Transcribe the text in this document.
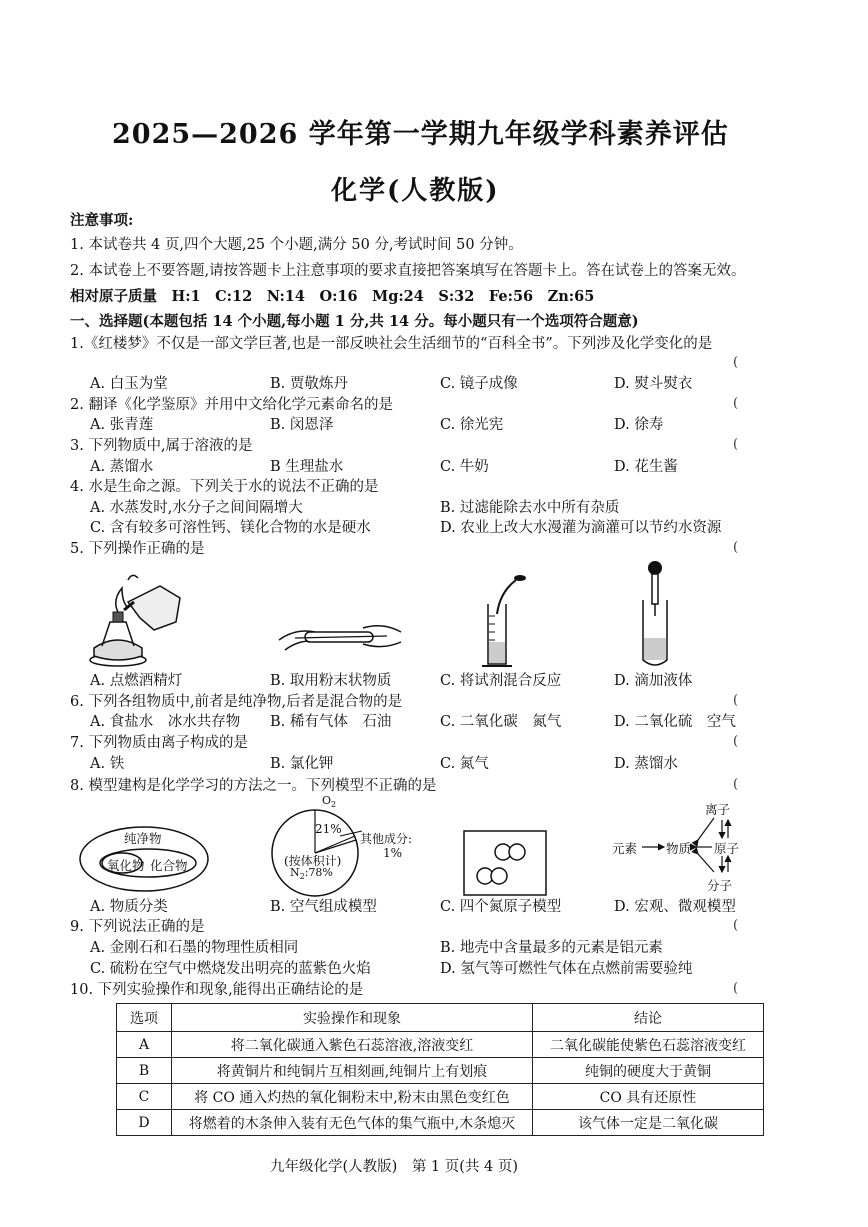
2025—2026 学年第一学期九年级学科素养评估
化学(人教版)
注意事项:
1. 本试卷共 4 页,四个大题,25 个小题,满分 50 分,考试时间 50 分钟。
2. 本试卷上不要答题,请按答题卡上注意事项的要求直接把答案填写在答题卡上。答在试卷上的答案无效。
相对原子质量　H:1　C:12　N:14　O:16　Mg:24　S:32　Fe:56　Zn:65
一、选择题(本题包括 14 个小题,每小题 1 分,共 14 分。每小题只有一个选项符合题意)
1.《红楼梦》不仅是一部文学巨著,也是一部反映社会生活细节的“百科全书”。下列涉及化学变化的是
(
A. 白玉为堂	B. 贾敬炼丹	C. 镜子成像	D. 熨斗熨衣
2. 翻译《化学鉴原》并用中文给化学元素命名的是	(
A. 张青莲	B. 闵恩泽	C. 徐光宪	D. 徐寿
3. 下列物质中,属于溶液的是	(
A. 蒸馏水	B 生理盐水	C. 牛奶	D. 花生酱
4. 水是生命之源。下列关于水的说法不正确的是
A. 水蒸发时,水分子之间间隔增大	B. 过滤能除去水中所有杂质
C. 含有较多可溶性钙、镁化合物的水是硬水	D. 农业上改大水漫灌为滴灌可以节约水资源
5. 下列操作正确的是	(
A. 点燃酒精灯	B. 取用粉末状物质	C. 将试剂混合反应	D. 滴加液体
6. 下列各组物质中,前者是纯净物,后者是混合物的是	(
A. 食盐水　冰水共存物 B. 稀有气体　石油	C. 二氧化碳　氮气	D. 二氧化硫　空气
7. 下列物质由离子构成的是	(
A. 铁	B. 氯化钾	C. 氮气	D. 蒸馏水
8. 模型建构是化学学习的方法之一。下列模型不正确的是	(
纯净物
氧化物 化合物
$O_2$
21%
其他成分:
1%
(按体积计)
$N_2:78\%$
离子
元素 物质 原子
分子
A. 物质分类	B. 空气组成模型	C. 四个氮原子模型	D. 宏观、微观模型
9. 下列说法正确的是	(
A. 金刚石和石墨的物理性质相同	B. 地壳中含量最多的元素是铝元素
C. 硫粉在空气中燃烧发出明亮的蓝紫色火焰	D. 氢气等可燃性气体在点燃前需要验纯
10. 下列实验操作和现象,能得出正确结论的是	(
选项	实验操作和现象	结论
A	将二氧化碳通入紫色石蕊溶液,溶液变红	二氧化碳能使紫色石蕊溶液变红
B	将黄铜片和纯铜片互相刻画,纯铜片上有划痕	纯铜的硬度大于黄铜
C	将 CO 通入灼热的氧化铜粉末中,粉末由黑色变红色	CO 具有还原性
D	将燃着的木条伸入装有无色气体的集气瓶中,木条熄灭	该气体一定是二氧化碳
九年级化学(人教版)　第 1 页(共 4 页)
